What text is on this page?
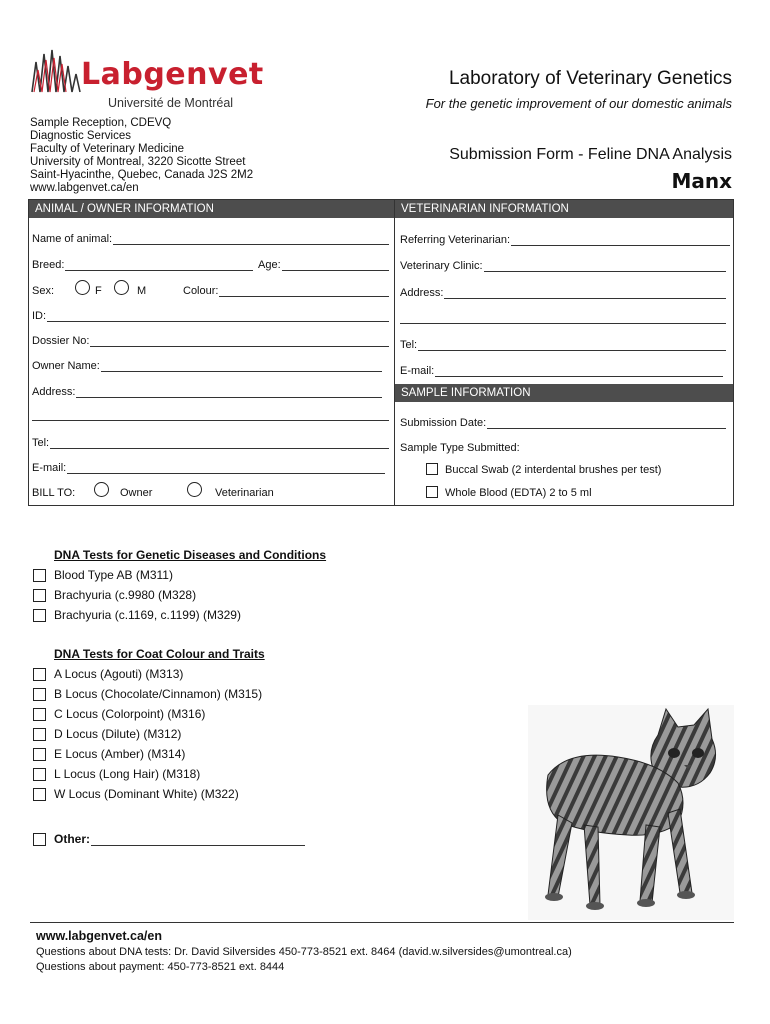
Labgenvet
Université de Montréal
Sample Reception, CDEVQ
Diagnostic Services
Faculty of Veterinary Medicine
University of Montreal, 3220 Sicotte Street
Saint-Hyacinthe, Quebec, Canada J2S 2M2
www.labgenvet.ca/en
Laboratory of Veterinary Genetics
For the genetic improvement of our domestic animals
Submission Form - Feline DNA Analysis
Manx
ANIMAL / OWNER INFORMATION
Name of animal:
Breed:	Age:
Sex:	F	M	Colour:
ID:
Dossier No:
Owner Name:
Address:
Tel:
E-mail:
BILL TO:	Owner	Veterinarian
VETERINARIAN INFORMATION
Referring Veterinarian:
Veterinary Clinic:
Address:
Tel:
E-mail:
SAMPLE INFORMATION
Submission Date:
Sample Type Submitted:
Buccal Swab (2 interdental brushes per test)
Whole Blood (EDTA) 2 to 5 ml
DNA Tests for Genetic Diseases and Conditions
Blood Type AB (M311)
Brachyuria (c.9980 (M328)
Brachyuria (c.1169, c.1199) (M329)
DNA Tests for Coat Colour and Traits
A Locus (Agouti) (M313)
B Locus (Chocolate/Cinnamon) (M315)
C Locus (Colorpoint) (M316)
D Locus (Dilute) (M312)
E Locus (Amber) (M314)
L Locus (Long Hair) (M318)
W Locus (Dominant White) (M322)
Other:
www.labgenvet.ca/en
Questions about DNA tests: Dr. David Silversides 450-773-8521 ext. 8464 (david.w.silversides@umontreal.ca)
Questions about payment: 450-773-8521 ext. 8444
